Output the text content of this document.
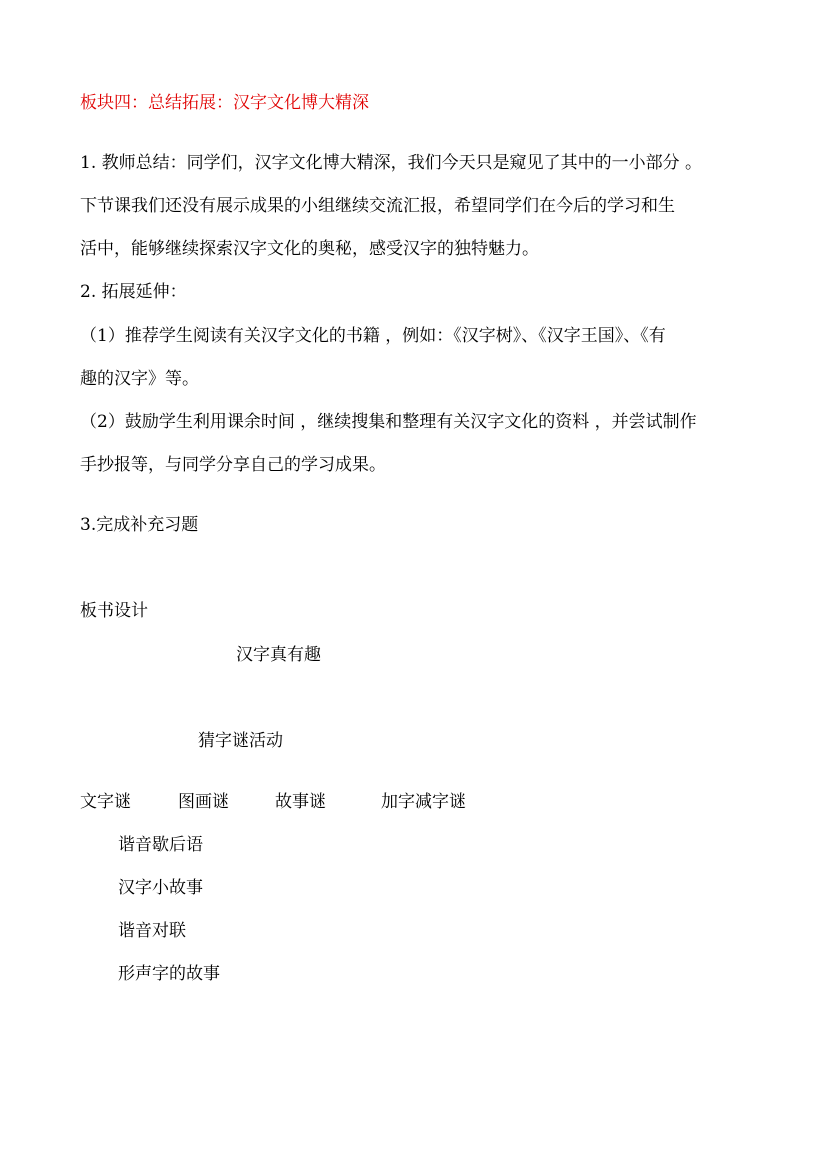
板块四：总结拓展：汉字文化博大精深
1. 教师总结：同学们，汉字文化博大精深，我们今天只是窥见了其中的一小部分 。
下节课我们还没有展示成果的小组继续交流汇报，希望同学们在今后的学习和生
活中，能够继续探索汉字文化的奥秘，感受汉字的独特魅力。
2. 拓展延伸：
（1）推荐学生阅读有关汉字文化的书籍 ，例如：《汉字树》、《汉字王国》、《有
趣的汉字》等。
（2）鼓励学生利用课余时间 ，继续搜集和整理有关汉字文化的资料 ，并尝试制作
手抄报等，与同学分享自己的学习成果。
3.完成补充习题
板书设计
汉字真有趣
猜字谜活动
文字谜	图画谜	故事谜	加字减字谜
谐音歇后语
汉字小故事
谐音对联
形声字的故事
